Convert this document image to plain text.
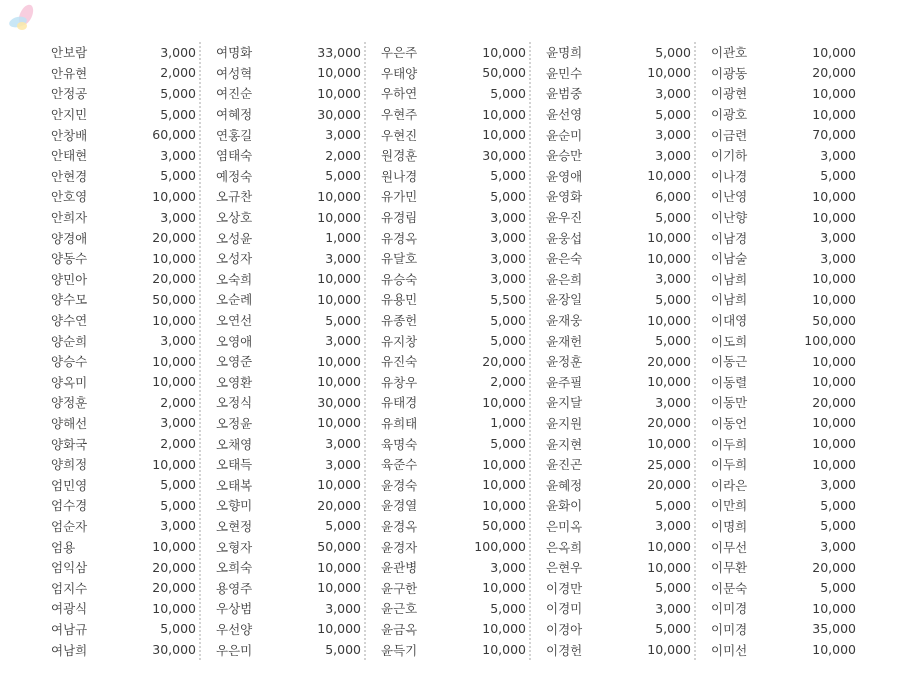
안보람	3,000
안유현	2,000
안정공	5,000
안지민	5,000
안창배	60,000
안태현	3,000
안현경	5,000
안호영	10,000
안희자	3,000
양경애	20,000
양동수	10,000
양민아	20,000
양수모	50,000
양수연	10,000
양순희	3,000
양승수	10,000
양옥미	10,000
양정훈	2,000
양해선	3,000
양화국	2,000
양희정	10,000
엄민영	5,000
엄수경	5,000
엄순자	3,000
엄용	10,000
엄익삼	20,000
엄지수	20,000
여광식	10,000
여남규	5,000
여남희	30,000
여명화	33,000
여성혁	10,000
여진순	10,000
여혜정	30,000
연홍길	3,000
염태숙	2,000
예정숙	5,000
오규찬	10,000
오상호	10,000
오성윤	1,000
오성자	3,000
오숙희	10,000
오순례	10,000
오연선	5,000
오영애	3,000
오영준	10,000
오영환	10,000
오정식	30,000
오정윤	10,000
오채영	3,000
오태득	3,000
오태복	10,000
오향미	20,000
오현정	5,000
오형자	50,000
오희숙	10,000
용영주	10,000
우상범	3,000
우선양	10,000
우은미	5,000
우은주	10,000
우태양	50,000
우하연	5,000
우현주	10,000
우현진	10,000
원경훈	30,000
원나경	5,000
유가민	5,000
유경림	3,000
유경옥	3,000
유달호	3,000
유승숙	3,000
유용민	5,500
유종헌	5,000
유지창	5,000
유진숙	20,000
유창우	2,000
유태경	10,000
유희태	1,000
육명숙	5,000
육준수	10,000
윤경숙	10,000
윤경열	10,000
윤경옥	50,000
윤경자	100,000
윤관병	3,000
윤구한	10,000
윤근호	5,000
윤금옥	10,000
윤득기	10,000
윤명희	5,000
윤민수	10,000
윤범중	3,000
윤선영	5,000
윤순미	3,000
윤승만	3,000
윤영애	10,000
윤영화	6,000
윤우진	5,000
윤웅섭	10,000
윤은숙	10,000
윤은희	3,000
윤장일	5,000
윤재웅	10,000
윤재헌	5,000
윤정훈	20,000
윤주필	10,000
윤지달	3,000
윤지원	20,000
윤지현	10,000
윤진곤	25,000
윤혜정	20,000
윤화이	5,000
은미옥	3,000
은옥희	10,000
은현우	10,000
이경만	5,000
이경미	3,000
이경아	5,000
이경헌	10,000
이관호	10,000
이광동	20,000
이광현	10,000
이광호	10,000
이금련	70,000
이기하	3,000
이나경	5,000
이난영	10,000
이난향	10,000
이남경	3,000
이남술	3,000
이남희	10,000
이남희	10,000
이대영	50,000
이도희	100,000
이동근	10,000
이동렬	10,000
이동만	20,000
이동언	10,000
이두희	10,000
이두희	10,000
이라은	3,000
이만희	5,000
이명희	5,000
이무선	3,000
이무환	20,000
이문숙	5,000
이미경	10,000
이미경	35,000
이미선	10,000
